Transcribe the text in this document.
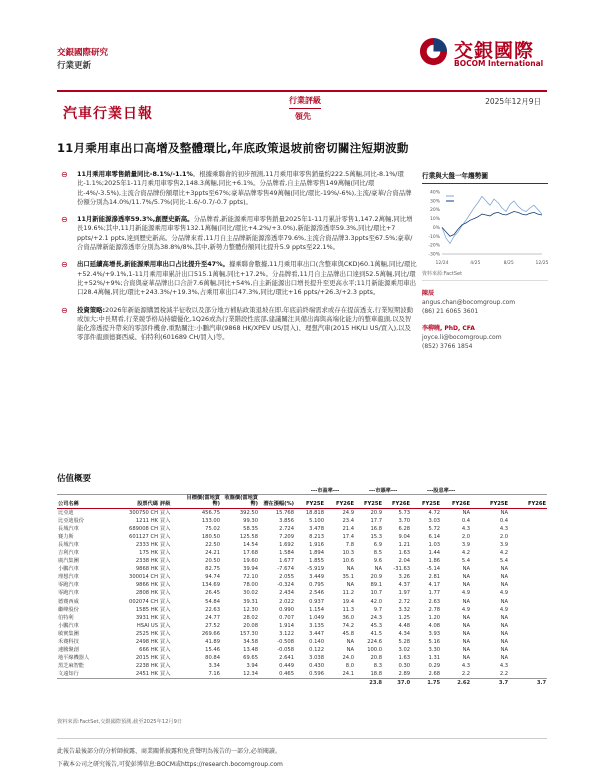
交銀國際研究
行業更新
交銀國際
BOCOM International
汽車行業日報
行業評級
領先
2025年12月9日
11月乘用車出口高增及整體環比,年底政策退坡前密切關注短期波動
⊖ 11月乘用車零售銷量同比-8.1%/-1.1%。根據乘聯會的初步預測,11月乘用車零售銷量約222.5萬輛,同比-8.1%/環比-1.1%;2025年1-11月乘用車零售2,148.3萬輛,同比+6.1%。分品牌看,自主品牌零售149萬輛(同比/環比-4%/-3.5%),主流合資品牌份額環比+3ppts至67%;豪華品牌零售49萬輛(同比/環比-19%/-6%),主流/豪華/合資品牌份額分別為14.0%/11.7%/5.7%(同比-1.6/-0.7/-0.7 ppts)。
⊖ 11月新能源滲透率59.3%,創歷史新高。分品牌看,新能源乘用車零售銷量2025年1-11月累計零售1,147.2萬輛,同比增長19.6%;其中,11月新能源乘用車零售132.1萬輛(同比/環比+4.2%/+3.0%),新能源滲透率59.3%,同比/環比+7 ppts/+2.1 ppts,達到歷史新高。分品牌來看,11月自主品牌新能源滲透率79.6%,主流合資品牌3.3ppts至67.5%;豪華/合資品牌新能源滲透率分別為38.8%/8%,其中,新勢力整體份額同比提升5.9 ppts至22.1%。
⊖ 出口延續高增長,新能源乘用車出口占比提升至47%。據乘聯會數據,11月乘用車出口(含整車與CKD)60.1萬輛,同比/環比+52.4%/+9.1%,1-11月乘用車累計出口515.1萬輛,同比+17.2%。分品牌看,11月自主品牌出口達到52.5萬輛,同比/環比+52%/+9%;合資與豪華品牌出口合計7.6萬輛,同比+54%,自主新能源出口增長提升至更高水平;11月新能源乘用車出口28.4萬輛,同比/環比+243.3%/+19.3%,占乘用車出口47.3%,同比/環比+16 ppts/+26.3/+2.3 ppts。
⊖ 投資策略:2026年新能源購置稅減半征收以及部分地方補貼政策退坡在即,年底前終端需求或存在提前透支,行業短期波動或加大;中長期看,行業競爭格局持續優化,1Q26或為行業階段性底部,建議關注具備出海與高端化能力的整車龍頭,以及智能化滲透提升帶來的零部件機會,重點關注:小鵬汽車(9868 HK/XPEV US/買入)、理想汽車(2015 HK/LI US/買入),以及零部件龍頭德賽西威、伯特利(601689 CH/買入)等。
行業與大盤一年趨勢圖
40%
30%
20%
10%
0%
-10%
-20%
-30%
12/24	4/25	8/25	12/25
資料來源:FactSet
陳辰
angus.chan@bocomgroup.com
(86) 21 6065 3601
李柳曉, PhD, CFA
joyce.li@bocomgroup.com
(852) 3766 1854
估值概要
						---市盈率---		---市賬率---		---股息率---			
公司名稱	股票代碼	評級	目標價(當地貨幣)	收盤價(當地貨幣)	潛在漲幅(%)	FY25E	FY26E	FY25E	FY26E	FY25E	FY26E	FY25E	FY26E
比亞迪	300750 CH	買入	456.75	392.50	15.768	18.818	24.9	20.9	5.73	4.72	NA	NA	
比亞迪股份	1211 HK	買入	133.00	99.30	3.856	5.100	23.4	17.7	3.70	3.03	0.4	0.4	
長城汽車	689008 CH	買入	75.02	58.35	2.724	3.478	21.4	16.8	6.28	5.72	4.3	4.3	
賽力斯	601127 CH	買入	180.50	125.58	7.209	8.213	17.4	15.3	9.04	6.14	2.0	2.0	
長城汽車	2333 HK	買入	22.50	14.54	1.692	1.916	7.8	6.9	1.21	1.03	3.9	3.9	
吉利汽車	175 HK	買入	24.21	17.68	1.584	1.894	10.3	8.5	1.63	1.44	4.2	4.2	
廣汽集團	2338 HK	買入	20.50	19.60	1.677	1.855	10.6	9.6	2.04	1.86	5.4	5.4	
小鵬汽車	9868 HK	買入	82.75	39.94	-7.674	-5.919	NA	NA	-31.63	-5.14	NA	NA	
理想汽車	300014 CH	買入	94.74	72.10	2.055	3.449	35.1	20.9	3.26	2.81	NA	NA	
零跑汽車	9866 HK	買入	134.69	78.00	-0.324	0.795	NA	89.1	4.37	4.17	NA	NA	
零跑汽車	2808 HK	買入	26.45	30.02	2.434	2.546	11.2	10.7	1.97	1.77	4.9	4.9	
德賽西威	002074 CH	買入	54.84	39.31	2.022	0.937	19.4	42.0	2.72	2.63	NA	NA	
繼峰股份	1585 HK	買入	22.63	12.30	0.990	1.154	11.3	9.7	3.32	2.78	4.9	4.9	
伯特利	3931 HK	買入	24.77	28.02	0.707	1.049	36.0	24.3	1.25	1.20	NA	NA	
小鵬汽車	HSAI US	買入	27.52	20.08	1.914	3.135	74.2	45.3	4.48	4.08	NA	NA	
敏實集團	2525 HK	買入	269.66	157.30	3.122	3.447	45.8	41.5	4.34	3.93	NA	NA	
禾賽科技	2498 HK	買入	41.89	34.58	-0.508	0.140	NA	224.6	5.28	5.16	NA	NA	
速騰聚創	666 HK	買入	15.46	13.48	-0.058	0.122	NA	100.0	3.02	3.30	NA	NA	
地平線機器人	2015 HK	買入	80.84	69.65	2.641	3.038	24.0	20.8	1.63	1.31	NA	NA	
黑芝麻智能	2238 HK	買入	3.34	3.94	0.449	0.430	8.0	8.3	0.30	0.29	4.3	4.3	
文遠知行	2451 HK	買入	7.16	12.34	0.465	0.596	24.1	18.8	2.89	2.68	2.2	2.2	
								23.8	37.0	1.75	2.62	3.7	3.7
資料來源:FactSet,交銀國際預測,截至2025年12月9日
此報告最後部分的分析師披露、商業關係披露和免責聲明為報告的一部分,必須閱讀。
下載本公司之研究報告,可從彭博信息:BOCM或https://research.bocomgroup.com
